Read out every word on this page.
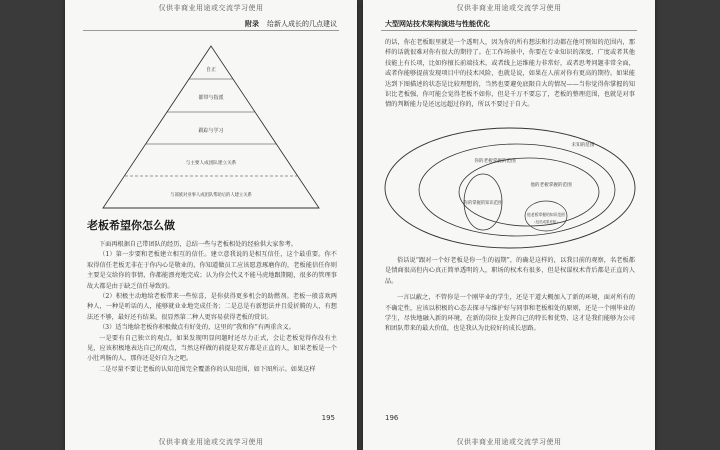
仅供非商业用途或交流学习使用
附录 给新人成长的几点建议
自正
都带与指派
跟踪与学习
与主要人成团队建立关系
与部族对业事人成团队帮助后的人建立关系
老板希望你怎么做

下面再根据自己带团队的经历，总结一些与老板相处的经验供大家参考。

（1）第一步要和老板建立相互的信任。建立意我说的是相互信任，这个最重要。你不取得信任老板无非在于你内心是敬业的，你知道做员工应该愿意琢磨你的，老板能信任你则主要是交给你的事情，你都能漂亮地完成；认为你会代义不能马虎地跟期随，很多的管理事故大都是由于缺乏信任导致的。

（2）积极主动地给老板带来一些惊喜，是你获得更多机会的助燃剂。老板一般喜欢两种人，一种是听话的人，能够就业业地完成任务；二是总是有新想法并且爱折腾的人，有想法还不够，最好还有结果。很显然第二种人更容易获得老板的赏识。

（3）适当地给老板你积极做点有好处的，这里的“我和你”有两重含义。

一是要有自己独立的观点，如果发现明显问题时还尽力正式，会让老板觉得你没有主见，应该积极地表达自己的观点，当然这样做的前提是双方都是正直的人，如果老板是一个小肚鸡肠的人，那你还是好自为之吧。

二是尽量不要让老板的认知范围完全覆盖你的认知范围，如下图所示。如果这样

195
仅供非商业用途或交流学习使用
仅供非商业用途或交流学习使用
大型网站技术架构演进与性能优化

的话，你在老板眼里就是一个透明人，因为你的所有想法和行动都在他可预知的范围内，那样的话就很难对你有很大的期待了。在工作场景中，你要在专业知识的深度、广度或者其他技能上有长项，比如你擅长前端技术，或者线上运维能力非常好，或者思考问题非常全面，或者你能够提前发现项目中的技术风险，也就是说，如果在人前对你有更高的期待。如果能达到下图描述的状态是比较理想的，当然也要避免底限自大的情况——当你觉得你掌握的知识比老板强，你可能会觉得老板不如你，但是千万不要忘了，老板的整理范围，也就是对事情的判断能力是还远远超过你的，所以不要过于自大。

未知的范围
你的老板掌握的范围
他的老板掌握的范围
你的掌握的知识范围
他老板掌握的知识范围
（包括成果老板）

俗话说“跟对一个好老板是你一生的福期”，的确是这样的，以我目前的观察，名老板都是情商很高但内心真正简单透明的人，职场的权术有很多，但是权谋权术背后都是正直的人品。

一言以蔽之，不管你是一个刚毕业的学生，还是干道大概加入了新的环境，面对所有的不确定性，应该以积极的心态去探寻与维护好与同事和老板相处的原则，还是一个刚毕业的学生，尽快地融入新的环境，在新的岗位上发挥自己的特长和优势，这才是我们能够为公司和团队带来的最大价值，也是我认为比较好的成长思路。

196
仅供非商业用途或交流学习使用
